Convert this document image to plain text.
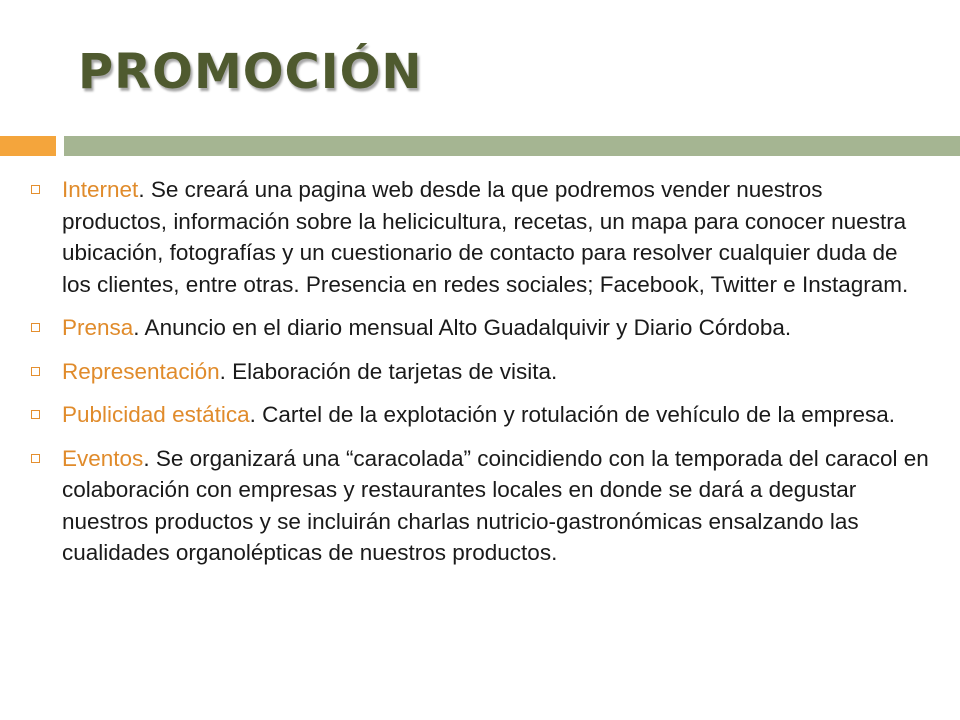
PROMOCIÓN
Internet. Se creará una pagina web desde la que podremos vender nuestros productos, información sobre la helicicultura, recetas, un mapa para conocer nuestra ubicación, fotografías y un cuestionario de contacto para resolver cualquier duda de los clientes, entre otras. Presencia en redes sociales; Facebook, Twitter e Instagram.
Prensa. Anuncio en el diario mensual Alto Guadalquivir y Diario Córdoba.
Representación. Elaboración de tarjetas de visita.
Publicidad estática. Cartel de la explotación y rotulación de vehículo de la empresa.
Eventos. Se organizará una “caracolada” coincidiendo con la temporada del caracol en colaboración con empresas y restaurantes locales en donde se dará a degustar nuestros productos y se incluirán charlas nutricio-gastronómicas ensalzando las cualidades organolépticas de nuestros productos.
